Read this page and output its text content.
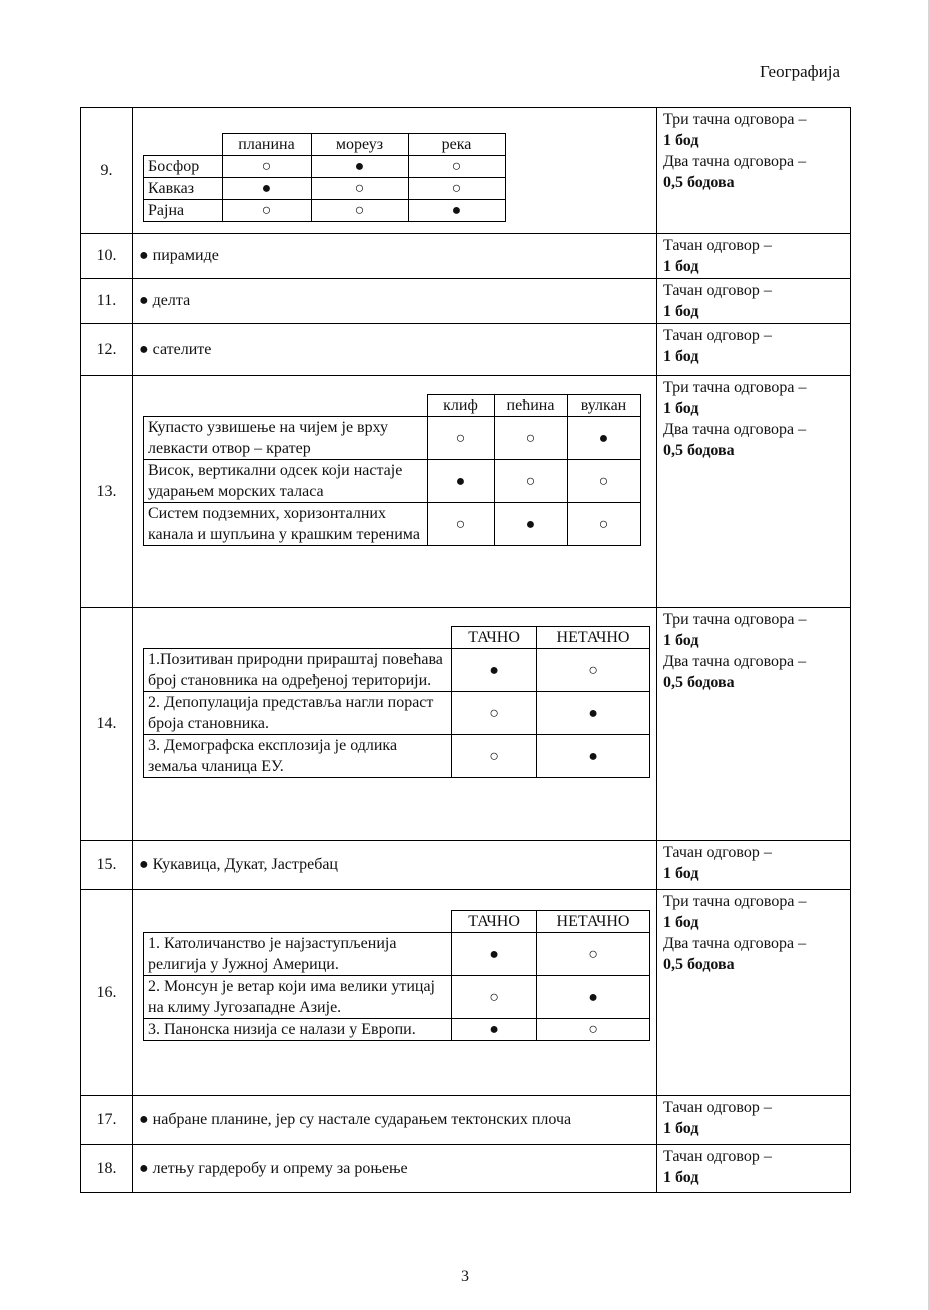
Географија
9.	
	планина	мореуз	река
Босфор	○	●	○
Кавказ	●	○	○
Рајна	○	○	●

Три тачна одговора –
1 бод
Два тачна одговора –
0,5 бодова

10.	● пирамиде	
Тачан одговор –
1 бод

11.	● делта	
Тачан одговор –
1 бод

12.	● сателите	
Тачан одговор –
1 бод

13.	
	клиф	пећина	вулкан
Купасто узвишење на чијем је врху левкасти отвор – кратер	○	○	●
Висок, вертикални одсек који настаје ударањем морских таласа	●	○	○
Систем подземних, хоризонталних канала и шупљина у крашким теренима	○	●	○

Три тачна одговора –
1 бод
Два тачна одговора –
0,5 бодова

14.	
	ТАЧНО	НЕТАЧНО
1.Позитиван природни прираштај повећава број становника на одређеној територији.	●	○
2. Депопулација представља нагли пораст броја становника.	○	●
3. Демографска експлозија је одлика земаља чланица ЕУ.	○	●

Три тачна одговора –
1 бод
Два тачна одговора –
0,5 бодова

15.	● Кукавица, Дукат, Јастребац	
Тачан одговор –
1 бод

16.	
	ТАЧНО	НЕТАЧНО
1. Католичанство је најзаступљенија религија у Јужној Америци.	●	○
2. Монсун је ветар који има велики утицај на климу Југозападне Азије.	○	●
3. Панонска низија се налази у Европи.	●	○

Три тачна одговора –
1 бод
Два тачна одговора –
0,5 бодова

17.	● набране планине, јер су настале сударањем тектонских плоча	
Тачан одговор –
1 бод

18.	● летњу гардеробу и опрему за роњење	
Тачан одговор –
1 бод
3
